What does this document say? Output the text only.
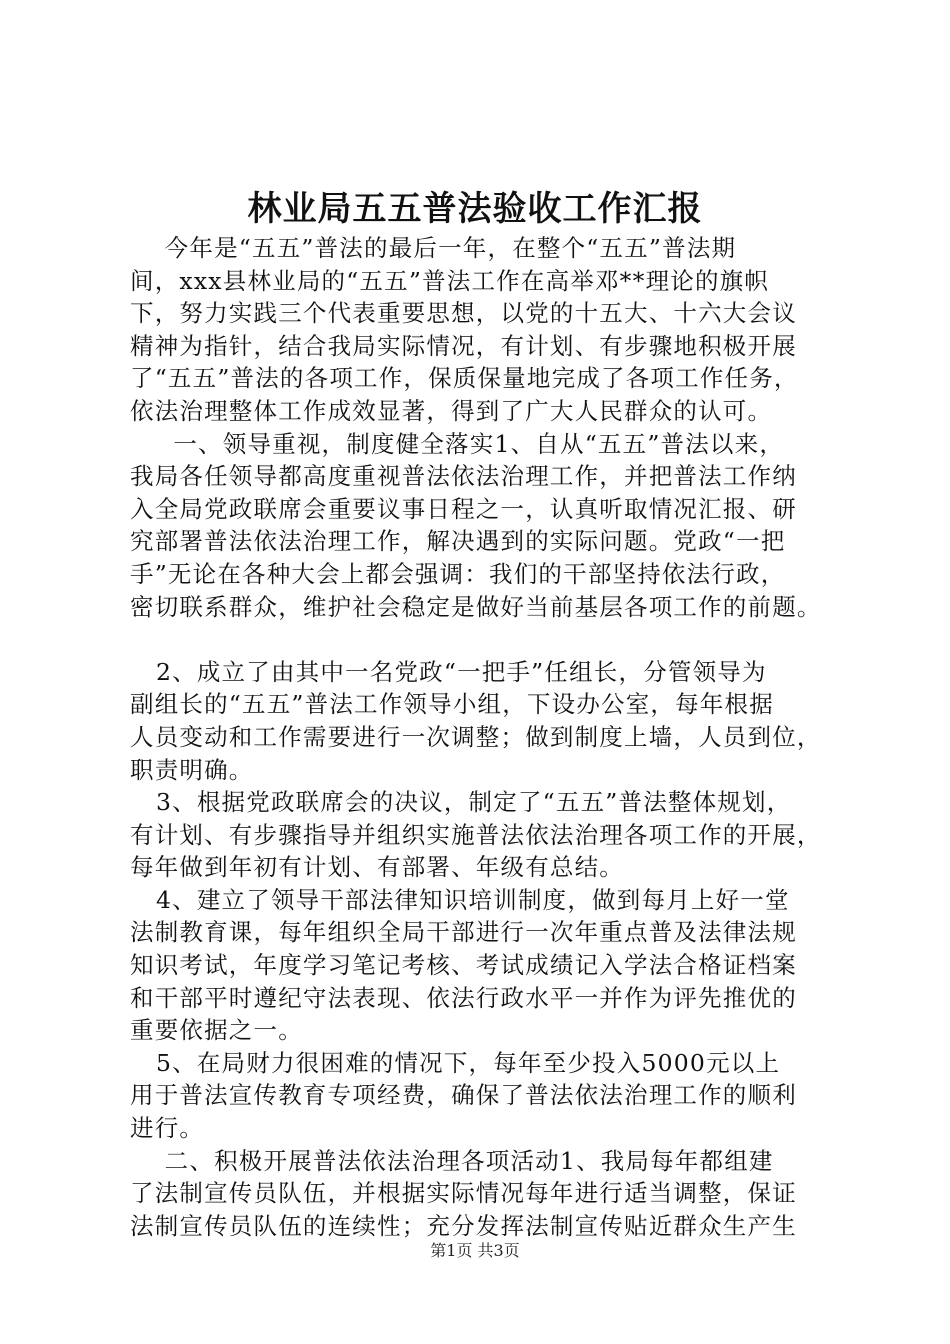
林业局五五普法验收工作汇报

今年是“五五”普法的最后一年，在整个“五五”普法期

间，xxx县林业局的“五五”普法工作在高举邓**理论的旗帜

下，努力实践三个代表重要思想，以党的十五大、十六大会议

精神为指针，结合我局实际情况，有计划、有步骤地积极开展

了“五五”普法的各项工作，保质保量地完成了各项工作任务，

依法治理整体工作成效显著，得到了广大人民群众的认可。

一、领导重视，制度健全落实1、自从“五五”普法以来，

我局各任领导都高度重视普法依法治理工作，并把普法工作纳

入全局党政联席会重要议事日程之一，认真听取情况汇报、研

究部署普法依法治理工作，解决遇到的实际问题。党政“一把

手”无论在各种大会上都会强调：我们的干部坚持依法行政，

密切联系群众，维护社会稳定是做好当前基层各项工作的前题。

2、成立了由其中一名党政“一把手”任组长，分管领导为

副组长的“五五”普法工作领导小组，下设办公室，每年根据

人员变动和工作需要进行一次调整；做到制度上墙，人员到位，

职责明确。

3、根据党政联席会的决议，制定了“五五”普法整体规划，

有计划、有步骤指导并组织实施普法依法治理各项工作的开展，

每年做到年初有计划、有部署、年级有总结。

4、建立了领导干部法律知识培训制度，做到每月上好一堂

法制教育课，每年组织全局干部进行一次年重点普及法律法规

知识考试，年度学习笔记考核、考试成绩记入学法合格证档案

和干部平时遵纪守法表现、依法行政水平一并作为评先推优的

重要依据之一。

5、在局财力很困难的情况下，每年至少投入5000元以上

用于普法宣传教育专项经费，确保了普法依法治理工作的顺利

进行。

二、积极开展普法依法治理各项活动1、我局每年都组建

了法制宣传员队伍，并根据实际情况每年进行适当调整，保证

法制宣传员队伍的连续性；充分发挥法制宣传贴近群众生产生

第1页 共3页
